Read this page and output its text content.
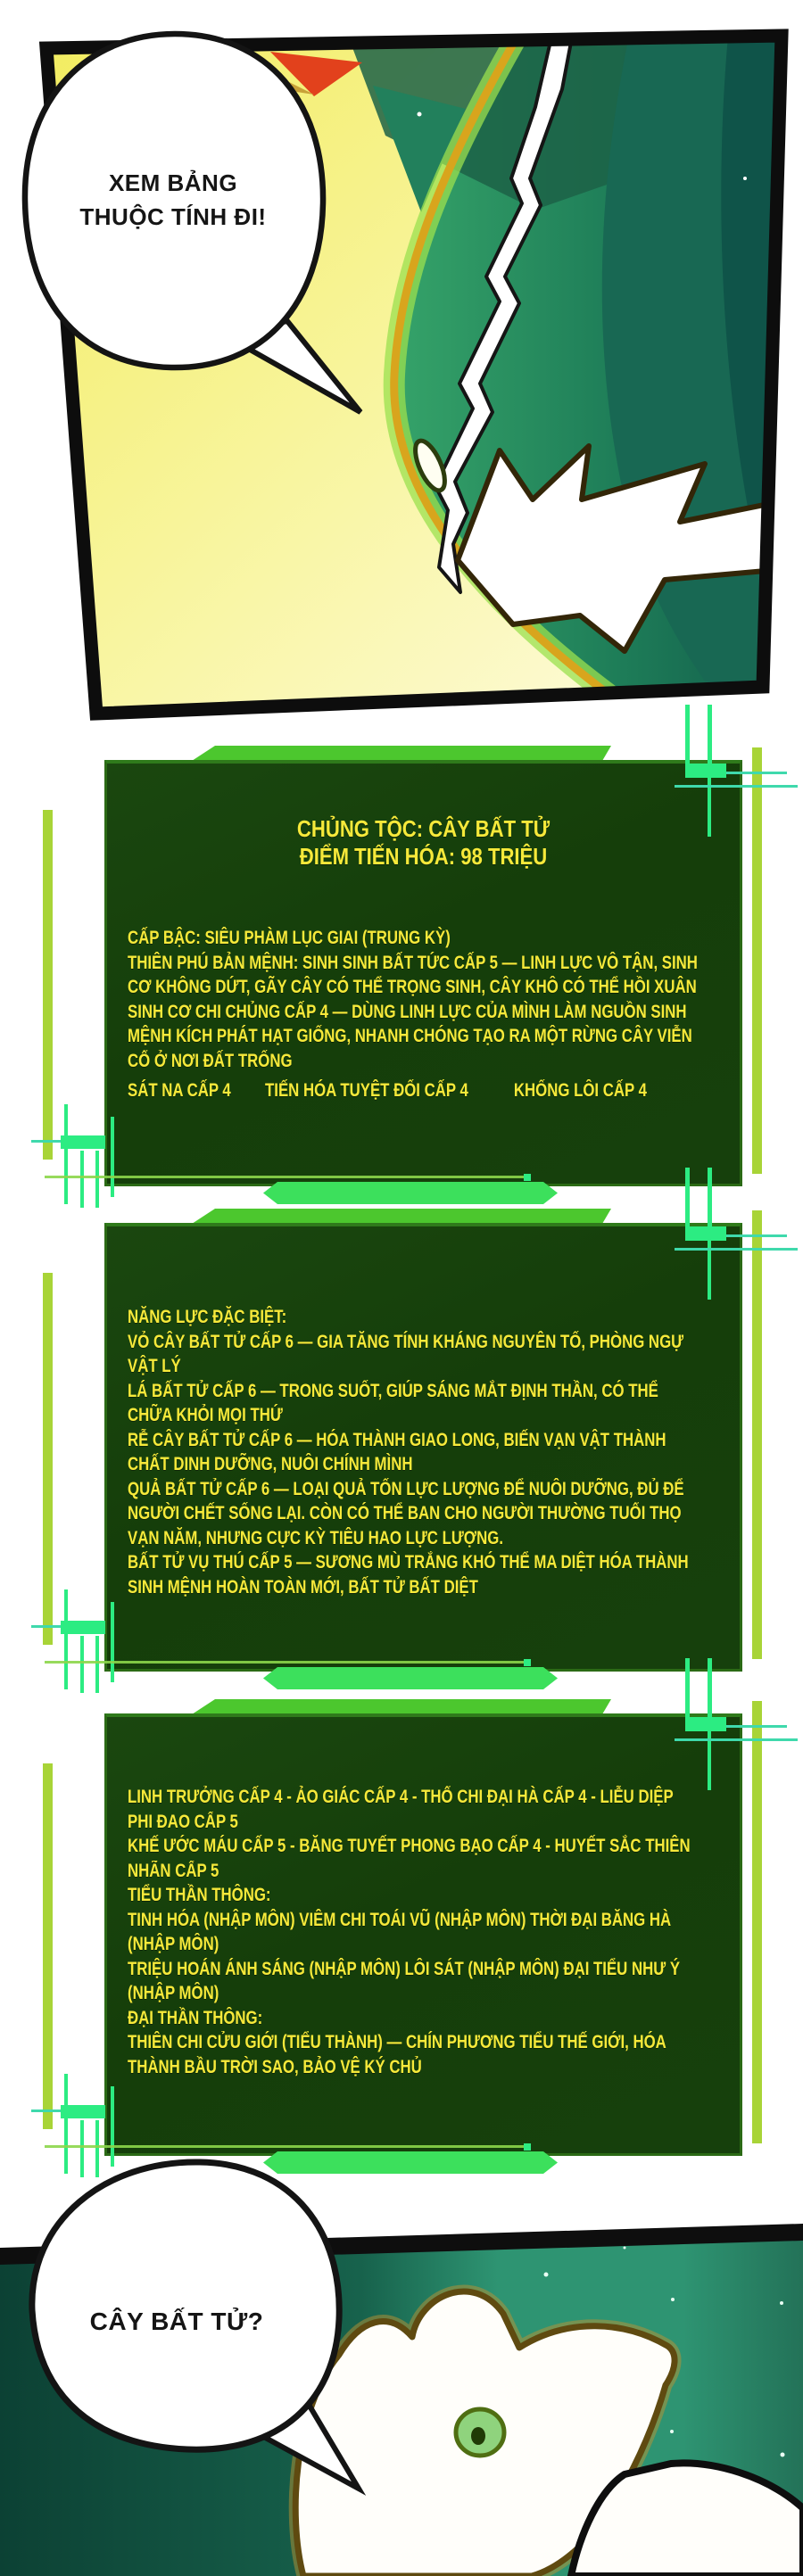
XEM BẢNG
THUỘC TÍNH ĐI!
CHỦNG TỘC: CÂY BẤT TỬ
ĐIỂM TIẾN HÓA: 98 TRIỆU
CẤP BẬC: SIÊU PHÀM LỤC GIAI (TRUNG KỲ)
THIÊN PHÚ BẢN MỆNH: SINH SINH BẤT TỨC CẤP 5 — LINH LỰC VÔ TẬN, SINH
CƠ KHÔNG DỨT, GÃY CÂY CÓ THỂ TRỌNG SINH, CÂY KHÔ CÓ THỂ HỒI XUÂN
SINH CƠ CHI CHỦNG CẤP 4 — DÙNG LINH LỰC CỦA MÌNH LÀM NGUỒN SINH
MỆNH KÍCH PHÁT HẠT GIỐNG, NHANH CHÓNG TẠO RA MỘT RỪNG CÂY VIỄN
CỔ Ở NƠI ĐẤT TRỐNG
SÁT NA CẤP 4 TIẾN HÓA TUYỆT ĐỐI CẤP 4 KHỐNG LÔI CẤP 4
NĂNG LỰC ĐẶC BIỆT:
VỎ CÂY BẤT TỬ CẤP 6 — GIA TĂNG TÍNH KHÁNG NGUYÊN TỐ, PHÒNG NGỰ
VẬT LÝ
LÁ BẤT TỬ CẤP 6 — TRONG SUỐT, GIÚP SÁNG MẮT ĐỊNH THẦN, CÓ THỂ
CHỮA KHỎI MỌI THỨ
RỄ CÂY BẤT TỬ CẤP 6 — HÓA THÀNH GIAO LONG, BIẾN VẠN VẬT THÀNH
CHẤT DINH DƯỠNG, NUÔI CHÍNH MÌNH
QUẢ BẤT TỬ CẤP 6 — LOẠI QUẢ TỐN LỰC LƯỢNG ĐỂ NUÔI DƯỠNG, ĐỦ ĐỂ
NGƯỜI CHẾT SỐNG LẠI. CÒN CÓ THỂ BAN CHO NGƯỜI THƯỜNG TUỔI THỌ
VẠN NĂM, NHƯNG CỰC KỲ TIÊU HAO LỰC LƯỢNG.
BẤT TỬ VỤ THÚ CẤP 5 — SƯƠNG MÙ TRẮNG KHÓ THỂ MA DIỆT HÓA THÀNH
SINH MỆNH HOÀN TOÀN MỚI, BẤT TỬ BẤT DIỆT
LINH TRƯỞNG CẤP 4 - ẢO GIÁC CẤP 4 - THỔ CHI ĐẠI HÀ CẤP 4 - LIỄU DIỆP
PHI ĐAO CẤP 5
KHẾ ƯỚC MÁU CẤP 5 - BĂNG TUYẾT PHONG BẠO CẤP 4 - HUYẾT SẮC THIÊN
NHÃN CẤP 5
TIỂU THẦN THÔNG:
TINH HÓA (NHẬP MÔN) VIÊM CHI TOÁI VŨ (NHẬP MÔN) THỜI ĐẠI BĂNG HÀ
(NHẬP MÔN)
TRIỆU HOÁN ÁNH SÁNG (NHẬP MÔN) LÔI SÁT (NHẬP MÔN) ĐẠI TIỂU NHƯ Ý
(NHẬP MÔN)
ĐẠI THẦN THÔNG:
THIÊN CHI CỬU GIỚI (TIỂU THÀNH) — CHÍN PHƯƠNG TIỂU THẾ GIỚI, HÓA
THÀNH BẦU TRỜI SAO, BẢO VỆ KÝ CHỦ
CÂY BẤT TỬ?
